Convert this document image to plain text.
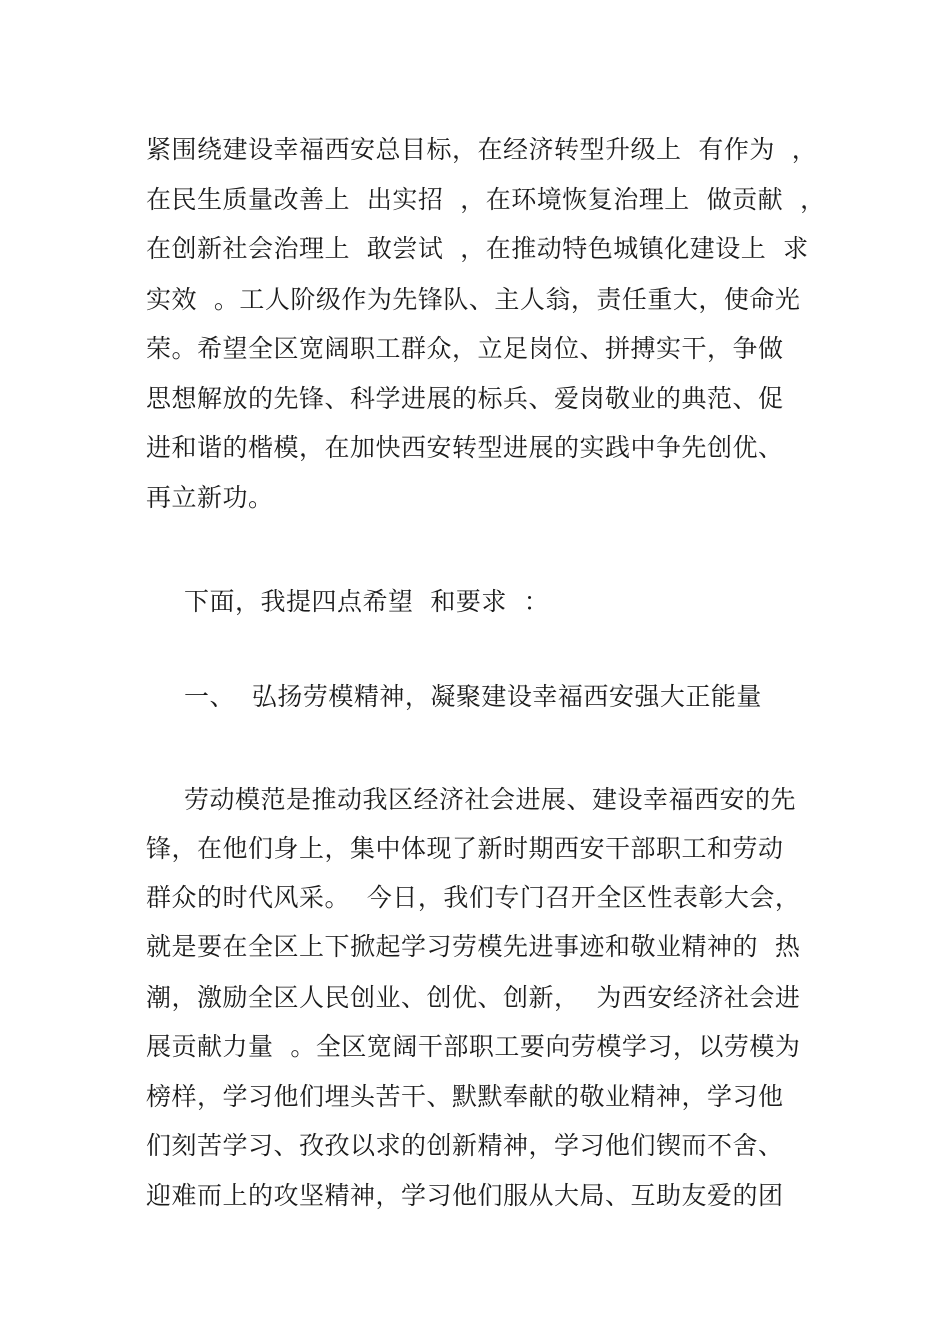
紧围绕建设幸福西安总目标，在经济转型升级上  有作为  ，
在民生质量改善上  出实招  ，在环境恢复治理上  做贡献  ，
在创新社会治理上  敢尝试  ，在推动特色城镇化建设上  求
实效  。工人阶级作为先锋队、主人翁，责任重大，使命光
荣。希望全区宽阔职工群众，立足岗位、拼搏实干，争做
思想解放的先锋、科学进展的标兵、爱岗敬业的典范、促
进和谐的楷模，在加快西安转型进展的实践中争先创优、
再立新功。
下面，我提四点希望  和要求  ：
一、  弘扬劳模精神，凝聚建设幸福西安强大正能量
劳动模范是推动我区经济社会进展、建设幸福西安的先
锋，在他们身上，集中体现了新时期西安干部职工和劳动
群众的时代风采。  今日，我们专门召开全区性表彰大会，
就是要在全区上下掀起学习劳模先进事迹和敬业精神的  热
潮，激励全区人民创业、创优、创新，  为西安经济社会进
展贡献力量  。全区宽阔干部职工要向劳模学习，以劳模为
榜样，学习他们埋头苦干、默默奉献的敬业精神，学习他
们刻苦学习、孜孜以求的创新精神，学习他们锲而不舍、
迎难而上的攻坚精神，学习他们服从大局、互助友爱的团
